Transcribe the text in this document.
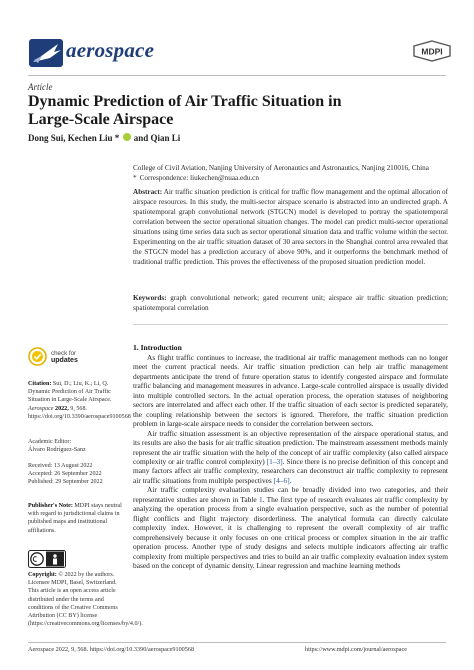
aerospace	MDPI
Article
Dynamic Prediction of Air Traffic Situation in Large-Scale Airspace
Dong Sui, Kechen Liu * and Qian Li
College of Civil Aviation, Nanjing University of Aeronautics and Astronautics, Nanjing 210016, China
* Correspondence: liukechen@nuaa.edu.cn
Abstract: Air traffic situation prediction is critical for traffic flow management and the optimal allocation of airspace resources. In this study, the multi-sector airspace scenario is abstracted into an undirected graph. A spatiotemporal graph convolutional network (STGCN) model is developed to portray the spatiotemporal correlation between the sector operational situation changes. The model can predict multi-sector operational situations using time series data such as sector operational situation data and traffic volume within the sector. Experimenting on the air traffic situation dataset of 30 area sectors in the Shanghai control area revealed that the STGCN model has a prediction accuracy of above 90%, and it outperforms the benchmark method of traditional traffic prediction. This proves the effectiveness of the proposed situation prediction model.
Keywords: graph convolutional network; gated recurrent unit; airspace air traffic situation prediction; spatiotemporal correlation
check for
updates
Citation: Sui, D.; Liu, K.; Li, Q. Dynamic Prediction of Air Traffic Situation in Large-Scale Airspace. Aerospace 2022, 9, 568. https://doi.org/10.3390/aerospace9100568
Academic Editor:
Álvaro Rodríguez-Sanz
Received: 13 August 2022
Accepted: 26 September 2022
Published: 29 September 2022
Publisher's Note: MDPI stays neutral with regard to jurisdictional claims in published maps and institutional affiliations.
Copyright: © 2022 by the authors. Licensee MDPI, Basel, Switzerland. This article is an open access article distributed under the terms and conditions of the Creative Commons Attribution (CC BY) license (https://creativecommons.org/licenses/by/4.0/).
1. Introduction

As flight traffic continues to increase, the traditional air traffic management methods can no longer meet the current practical needs. Air traffic situation prediction can help air traffic management departments anticipate the trend of future operation status to identify congested airspace and formulate traffic balancing and management measures in advance. Large-scale controlled airspace is usually divided into multiple controlled sectors. In the actual operation process, the operation statuses of neighboring sectors are interrelated and affect each other. If the traffic situation of each sector is predicted separately, the coupling relationship between the sectors is ignored. Therefore, the traffic situation prediction problem in large-scale airspace needs to consider the correlation between sectors.

Air traffic situation assessment is an objective representation of the airspace operational status, and its results are also the basis for air traffic situation prediction. The mainstream assessment methods mainly represent the air traffic situation with the help of the concept of air traffic complexity (also called airspace complexity or air traffic control complexity) [1–3]. Since there is no precise definition of this concept and many factors affect air traffic complexity, researchers can deconstruct air traffic complexity to represent air traffic situations from multiple perspectives [4–6].

Air traffic complexity evaluation studies can be broadly divided into two categories, and their representative studies are shown in Table 1. The first type of research evaluates air traffic complexity by analyzing the operation process from a single evaluation perspective, such as the number of potential flight conflicts and flight trajectory disorderliness. The analytical formula can directly calculate complexity index. However, it is challenging to represent the overall complexity of air traffic comprehensively because it only focuses on one critical process or complex situation in the air traffic operation process. Another type of study designs and selects multiple indicators affecting air traffic complexity from multiple perspectives and tries to build an air traffic complexity evaluation index system based on the concept of dynamic density. Linear regression and machine learning methods

Aerospace 2022, 9, 568. https://doi.org/10.3390/aerospace9100568	https://www.mdpi.com/journal/aerospace
